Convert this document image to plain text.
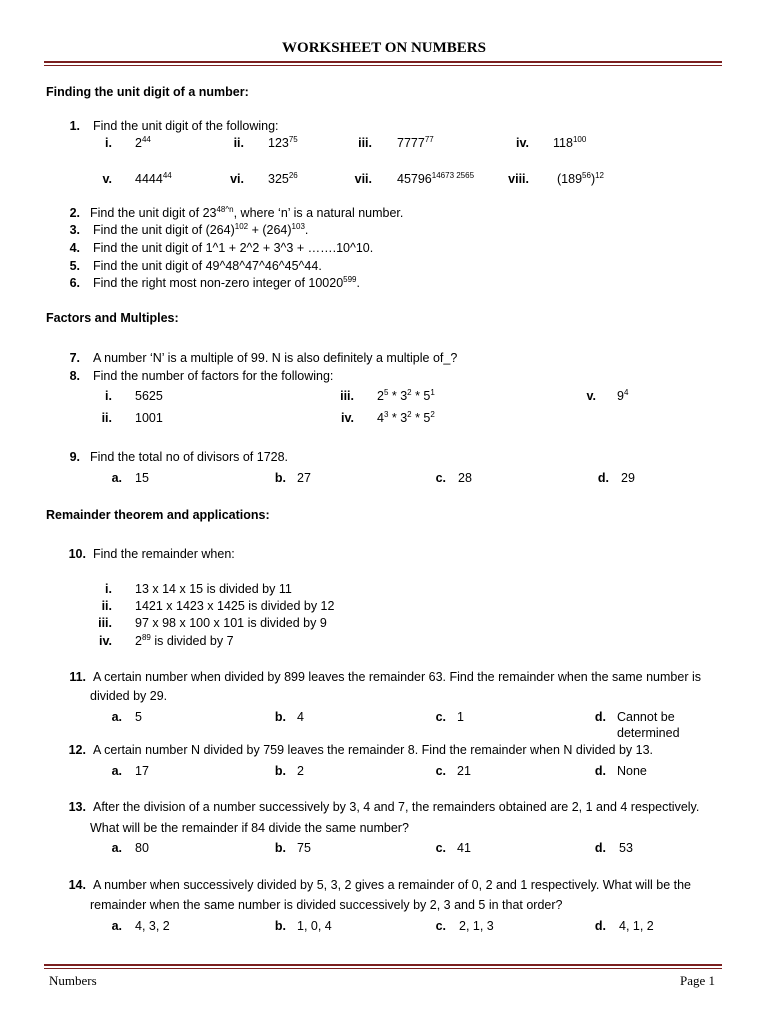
WORKSHEET ON NUMBERS
Finding the unit digit of a number:
1. Find the unit digit of the following:
i. $2^{44}$	ii. $123^{75}$	iii. 7777$^{77}$	iv. $118^{100}$
v. 4444$^{44}$	vi. $325^{26}$	vii. $45796^{14673 2565}$	viii. $(189^{56})^{12}$
2. Find the unit digit of $23^{48\^{}n}$, where ‘n’ is a natural number.
3. Find the unit digit of $(264)^{102} + (264)^{103}$.
4. Find the unit digit of 1^1 + 2^2 + 3^3 + …….10^10.
5. Find the unit digit of 49^48^47^46^45^44.
6. Find the right most non-zero integer of 10020$^{599}$.
Factors and Multiples:
7. A number ‘N’ is a multiple of 99. N is also definitely a multiple of_?
8. Find the number of factors for the following:
i. 5625	iii. $2^5 * 3^2 * 5^1$	v. $9^4$
ii. 1001	iv. $4^3 * 3^2 * 5^2$
9. Find the total no of divisors of 1728.
a. 15	b. 27	c. 28	d. 29
Remainder theorem and applications:
10. Find the remainder when:
i. 13 x 14 x 15 is divided by 11
ii. 1421 x 1423 x 1425 is divided by 12
iii. 97 x 98 x 100 x 101 is divided by 9
iv. $2^{89}$ is divided by 7
11. A certain number when divided by 899 leaves the remainder 63. Find the remainder when the same number is
divided by 29.
a. 5	b. 4	c. 1	d. Cannot be
determined
12. A certain number N divided by 759 leaves the remainder 8. Find the remainder when N divided by 13.
a. 17	b. 2	c. 21	d. None
13. After the division of a number successively by 3, 4 and 7, the remainders obtained are 2, 1 and 4 respectively.
What will be the remainder if 84 divide the same number?
a. 80	b. 75	c. 41	d. 53
14. A number when successively divided by 5, 3, 2 gives a remainder of 0, 2 and 1 respectively. What will be the
remainder when the same number is divided successively by 2, 3 and 5 in that order?
a. 4, 3, 2	b. 1, 0, 4	c. 2, 1, 3	d. 4, 1, 2
Numbers	Page 1
